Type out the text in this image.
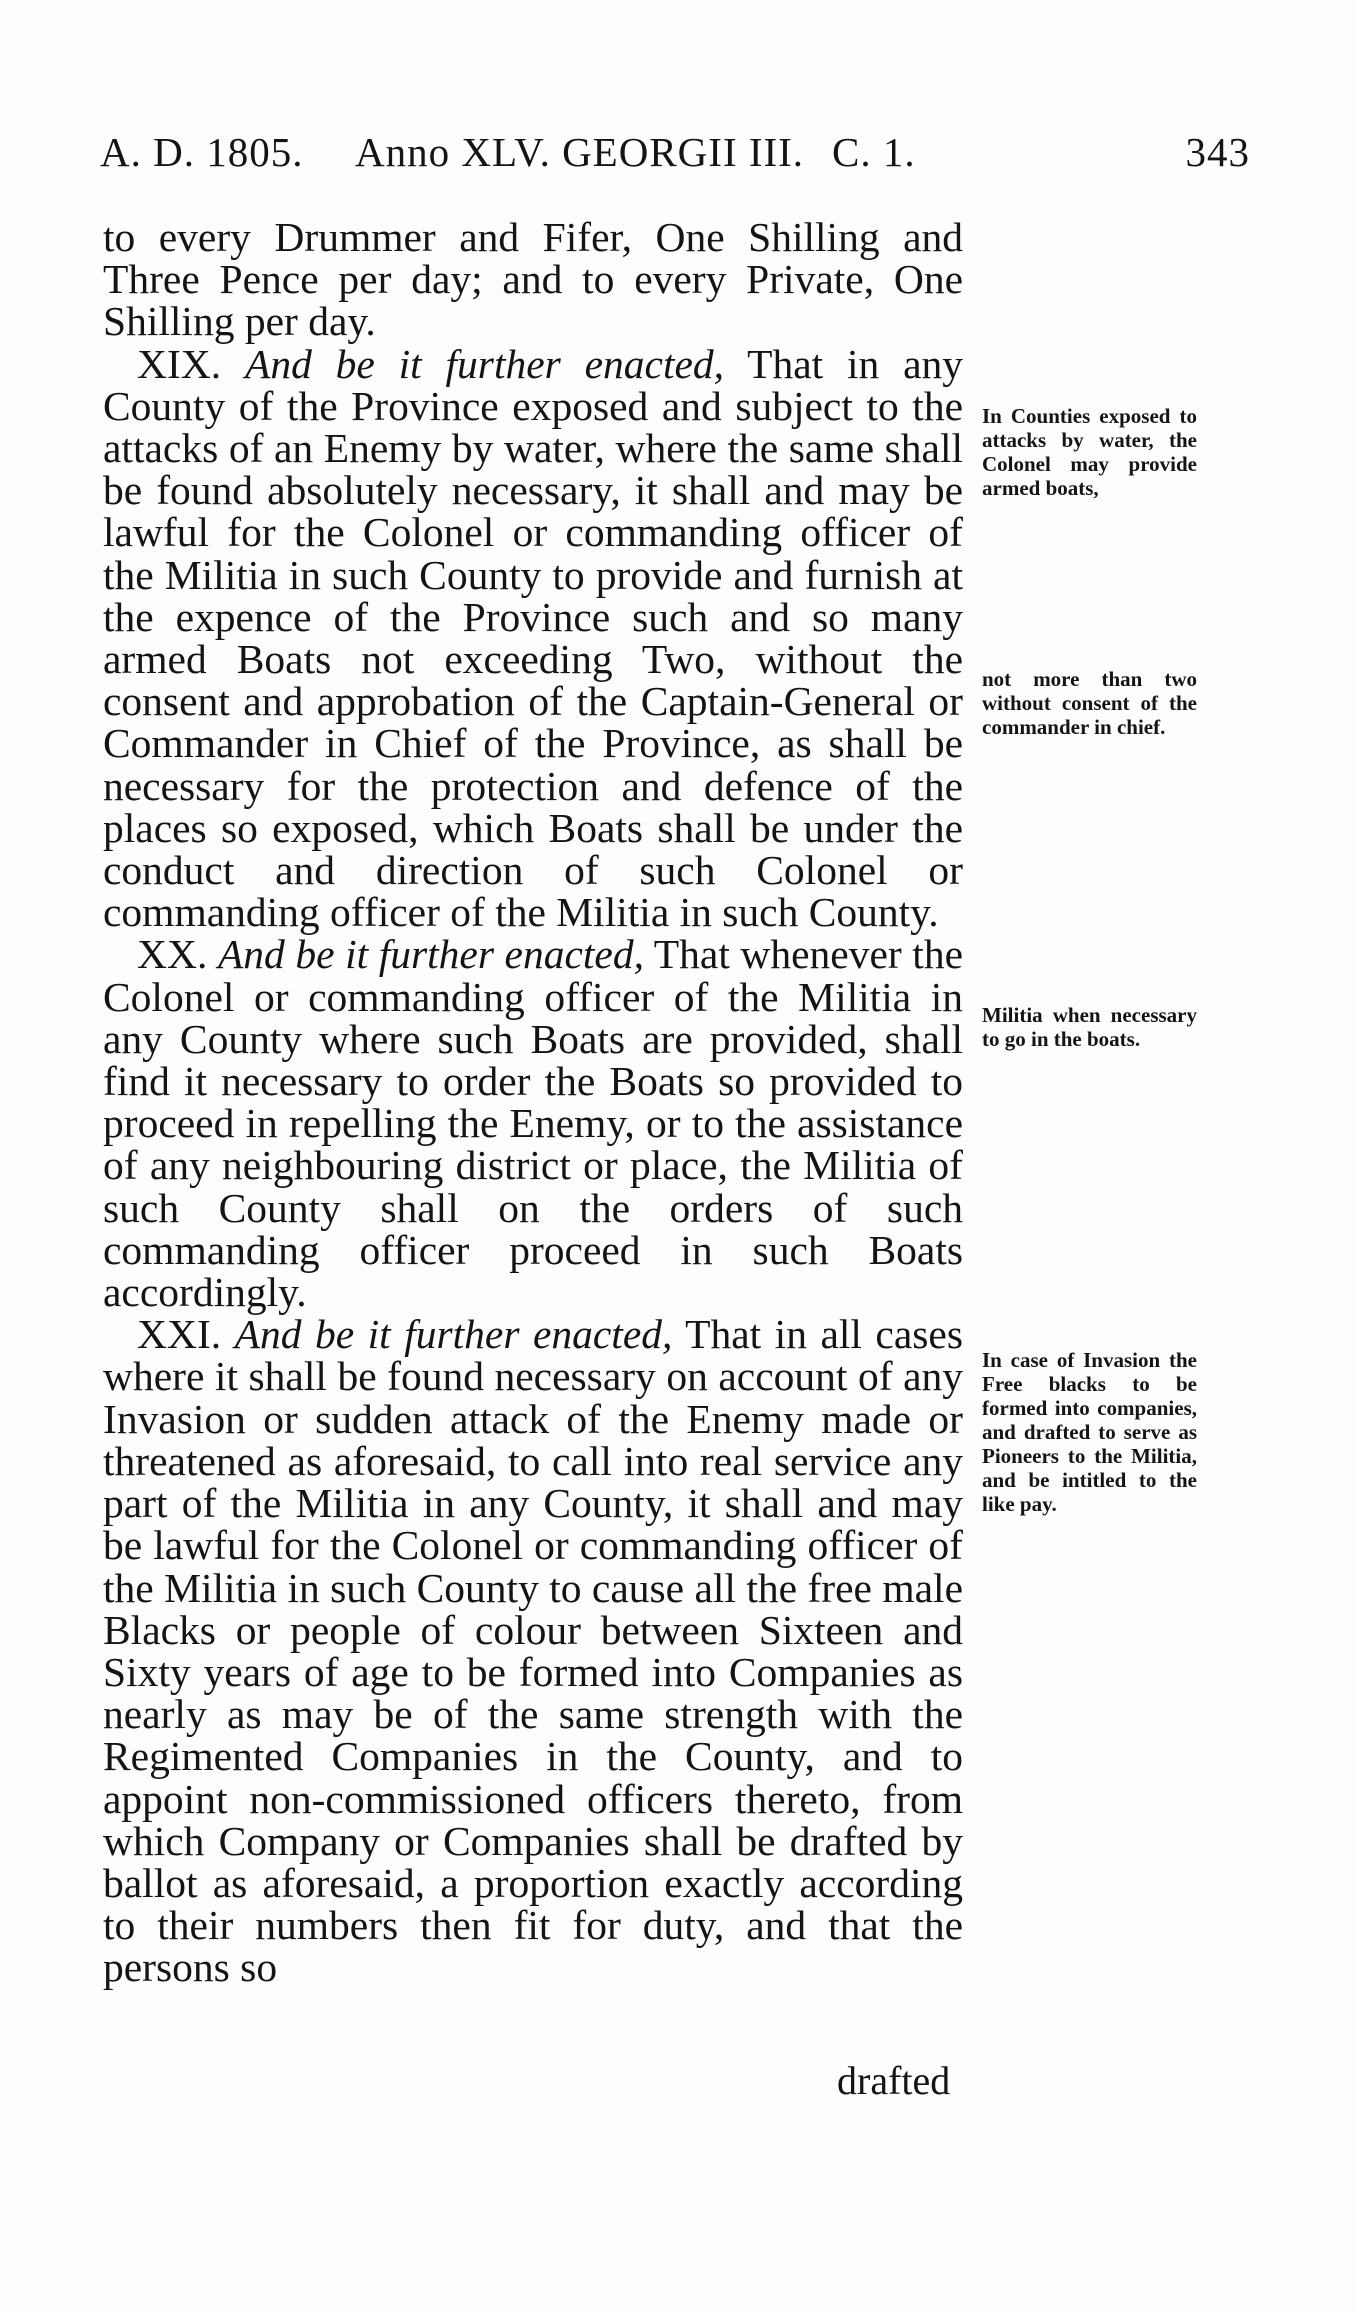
A. D. 1805. Anno XLV. GEORGII III. C. 1.	343

to every Drummer and Fifer, One Shilling and Three Pence per day; and to every Private, One Shilling per day.

XIX. And be it further enacted, That in any County of the Province exposed and subject to the attacks of an Enemy by water, where the same shall be found absolutely necessary, it shall and may be lawful for the Colonel or commanding officer of the Militia in such County to provide and furnish at the expence of the Province such and so many armed Boats not exceeding Two, without the consent and approbation of the Captain-General or Commander in Chief of the Province, as shall be necessary for the protection and defence of the places so exposed, which Boats shall be under the conduct and direction of such Colonel or commanding officer of the Militia in such County.

XX. And be it further enacted, That whenever the Colonel or commanding officer of the Militia in any County where such Boats are provided, shall find it necessary to order the Boats so provided to proceed in repelling the Enemy, or to the assistance of any neighbouring district or place, the Militia of such County shall on the orders of such commanding officer proceed in such Boats accordingly.

XXI. And be it further enacted, That in all cases where it shall be found necessary on account of any Invasion or sudden attack of the Enemy made or threatened as aforesaid, to call into real service any part of the Militia in any County, it shall and may be lawful for the Colonel or commanding officer of the Militia in such County to cause all the free male Blacks or people of colour between Sixteen and Sixty years of age to be formed into Companies as nearly as may be of the same strength with the Regimented Companies in the County, and to appoint non-commissioned officers thereto, from which Company or Companies shall be drafted by ballot as aforesaid, a proportion exactly according to their numbers then fit for duty, and that the persons so

drafted
In Counties exposed to attacks by water, the Colonel may provide armed boats,
not more than two without consent of the commander in chief.
Militia when necessary to go in the boats.
In case of Invasion the Free blacks to be formed into companies, and drafted to serve as Pioneers to the Militia, and be intitled to the like pay.
